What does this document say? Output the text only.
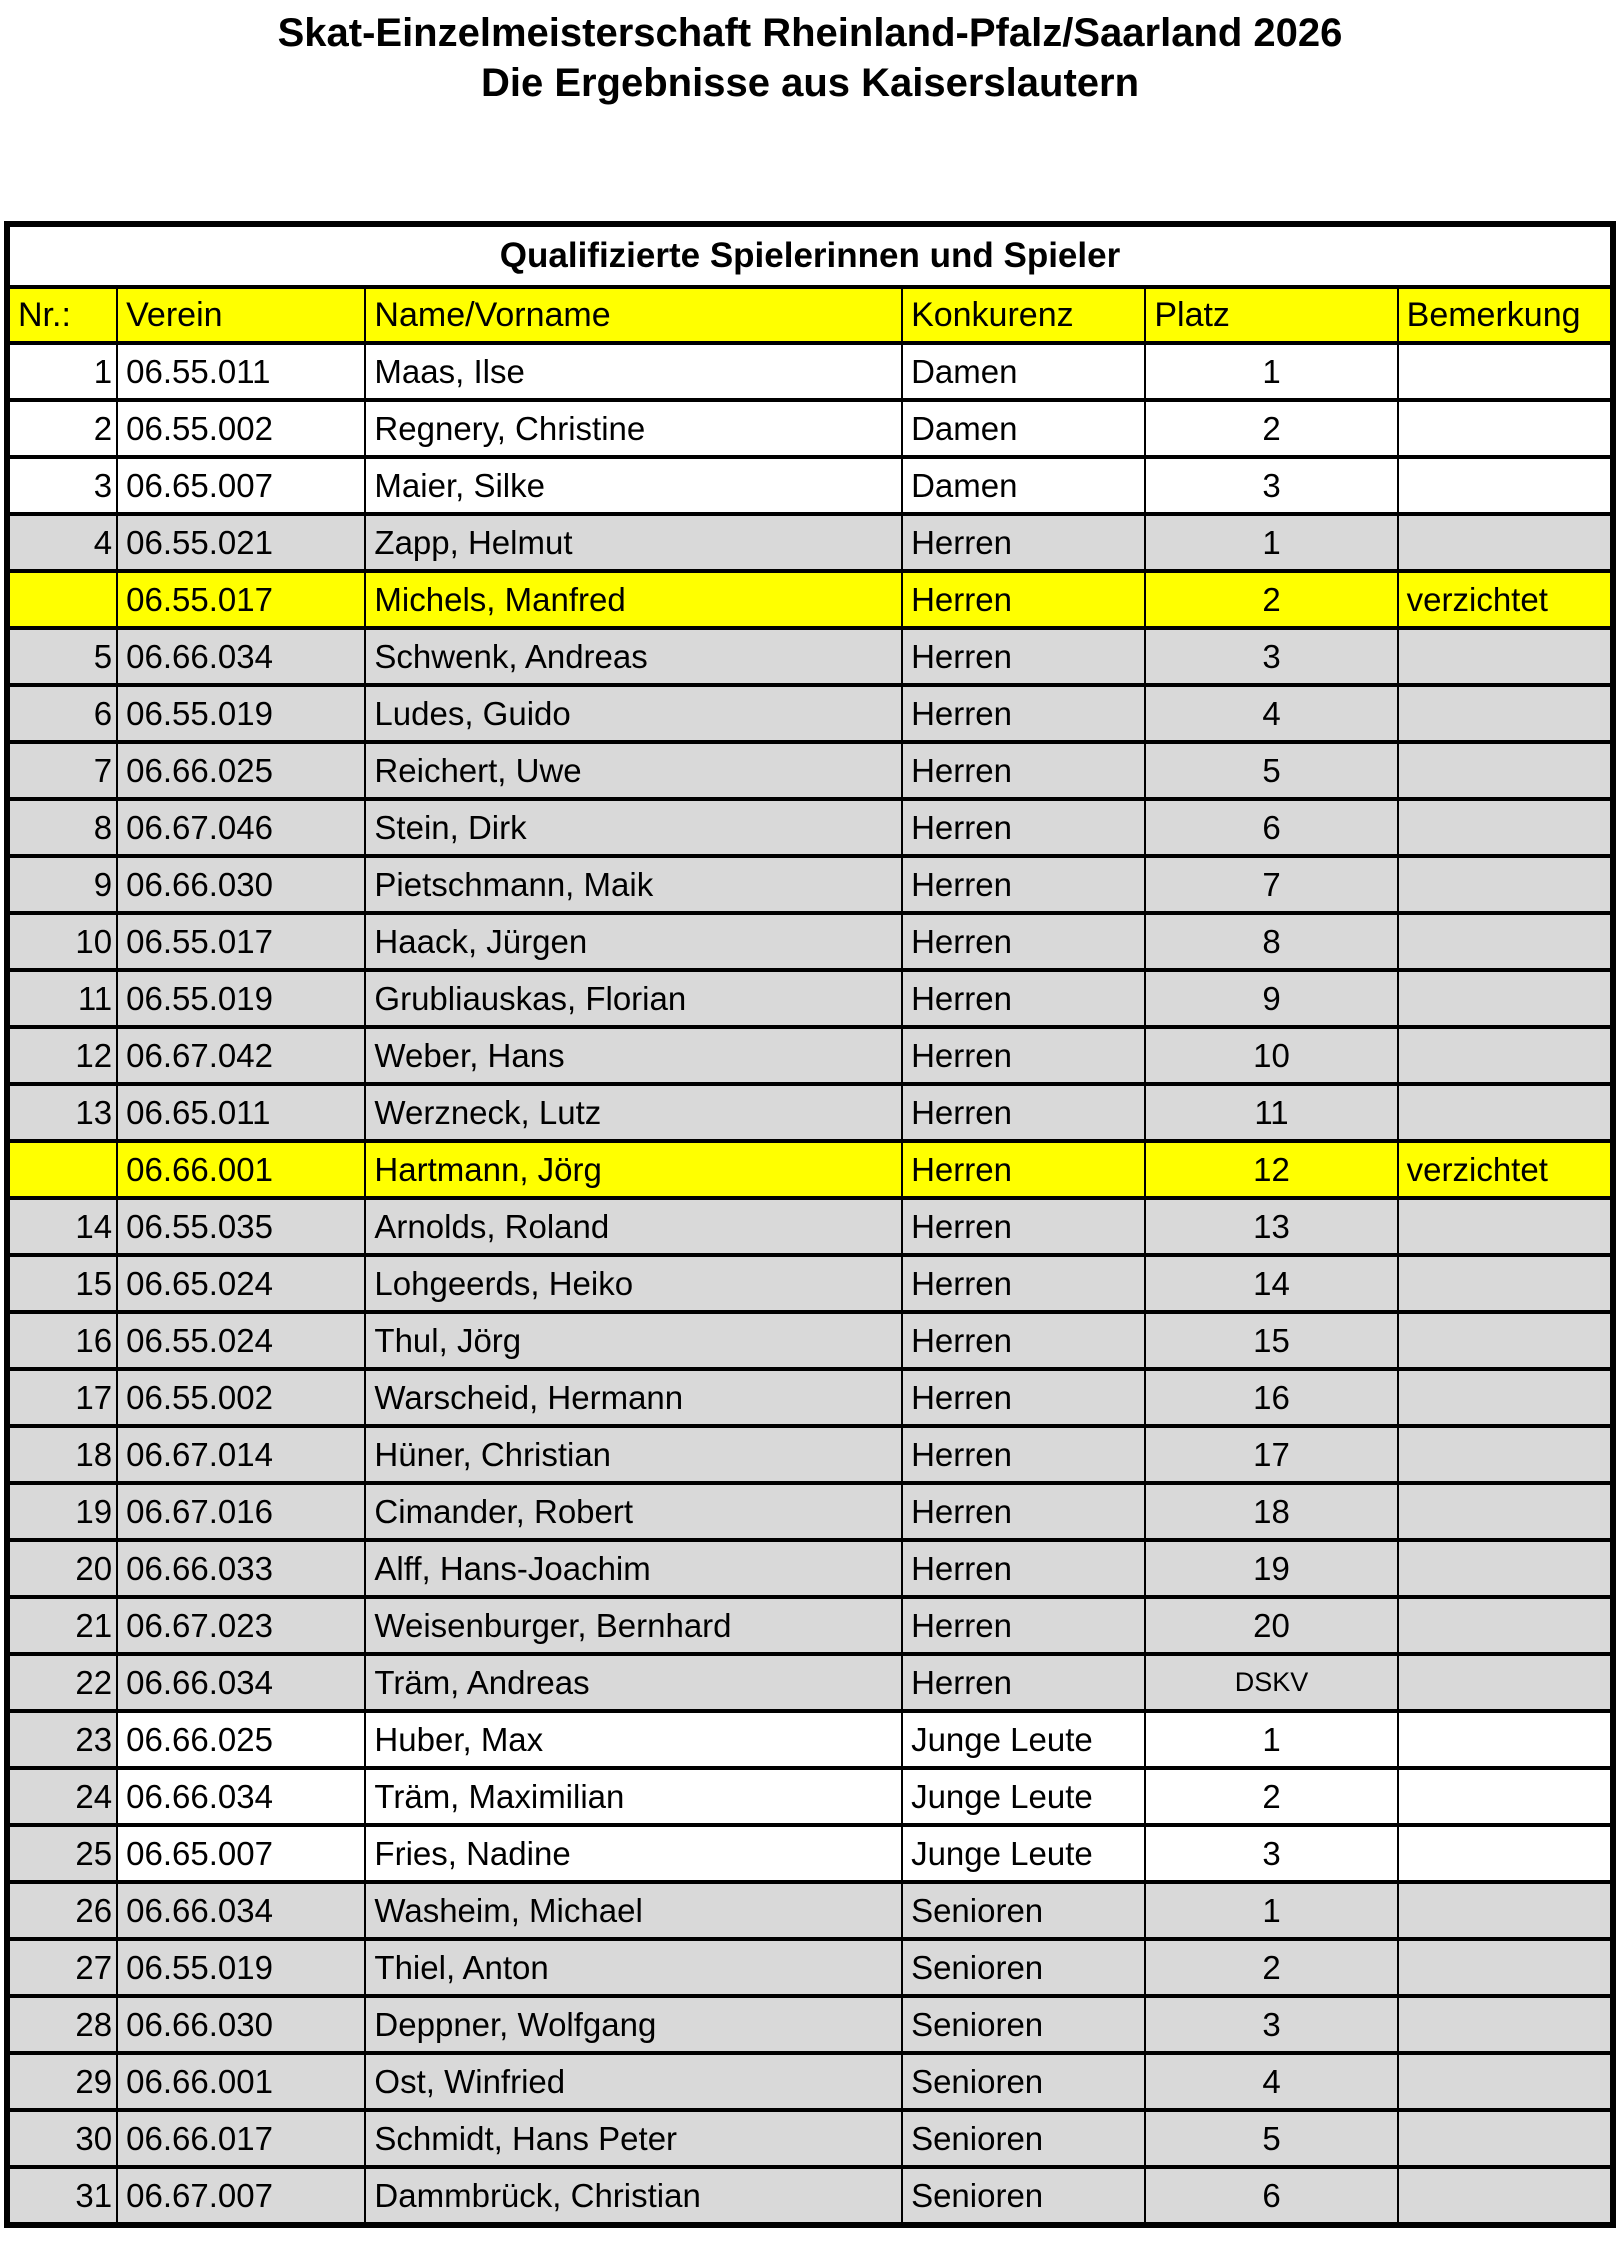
Skat-Einzelmeisterschaft Rheinland-Pfalz/Saarland 2026
Die Ergebnisse aus Kaiserslautern
Qualifizierte Spielerinnen und Spieler					
Nr.:	Verein	Name/Vorname	Konkurenz	Platz	Bemerkung
1	06.55.011	Maas, Ilse	Damen	1	
2	06.55.002	Regnery, Christine	Damen	2	
3	06.65.007	Maier, Silke	Damen	3	
4	06.55.021	Zapp, Helmut	Herren	1	
	06.55.017	Michels, Manfred	Herren	2	verzichtet
5	06.66.034	Schwenk, Andreas	Herren	3	
6	06.55.019	Ludes, Guido	Herren	4	
7	06.66.025	Reichert, Uwe	Herren	5	
8	06.67.046	Stein, Dirk	Herren	6	
9	06.66.030	Pietschmann, Maik	Herren	7	
10	06.55.017	Haack, Jürgen	Herren	8	
11	06.55.019	Grubliauskas, Florian	Herren	9	
12	06.67.042	Weber, Hans	Herren	10	
13	06.65.011	Werzneck, Lutz	Herren	11	
	06.66.001	Hartmann, Jörg	Herren	12	verzichtet
14	06.55.035	Arnolds, Roland	Herren	13	
15	06.65.024	Lohgeerds, Heiko	Herren	14	
16	06.55.024	Thul, Jörg	Herren	15	
17	06.55.002	Warscheid, Hermann	Herren	16	
18	06.67.014	Hüner, Christian	Herren	17	
19	06.67.016	Cimander, Robert	Herren	18	
20	06.66.033	Alff, Hans-Joachim	Herren	19	
21	06.67.023	Weisenburger, Bernhard	Herren	20	
22	06.66.034	Träm, Andreas	Herren	DSKV	
23	06.66.025	Huber, Max	Junge Leute	1	
24	06.66.034	Träm, Maximilian	Junge Leute	2	
25	06.65.007	Fries, Nadine	Junge Leute	3	
26	06.66.034	Washeim, Michael	Senioren	1	
27	06.55.019	Thiel, Anton	Senioren	2	
28	06.66.030	Deppner, Wolfgang	Senioren	3	
29	06.66.001	Ost, Winfried	Senioren	4	
30	06.66.017	Schmidt, Hans Peter	Senioren	5	
31	06.67.007	Dammbrück, Christian	Senioren	6	
